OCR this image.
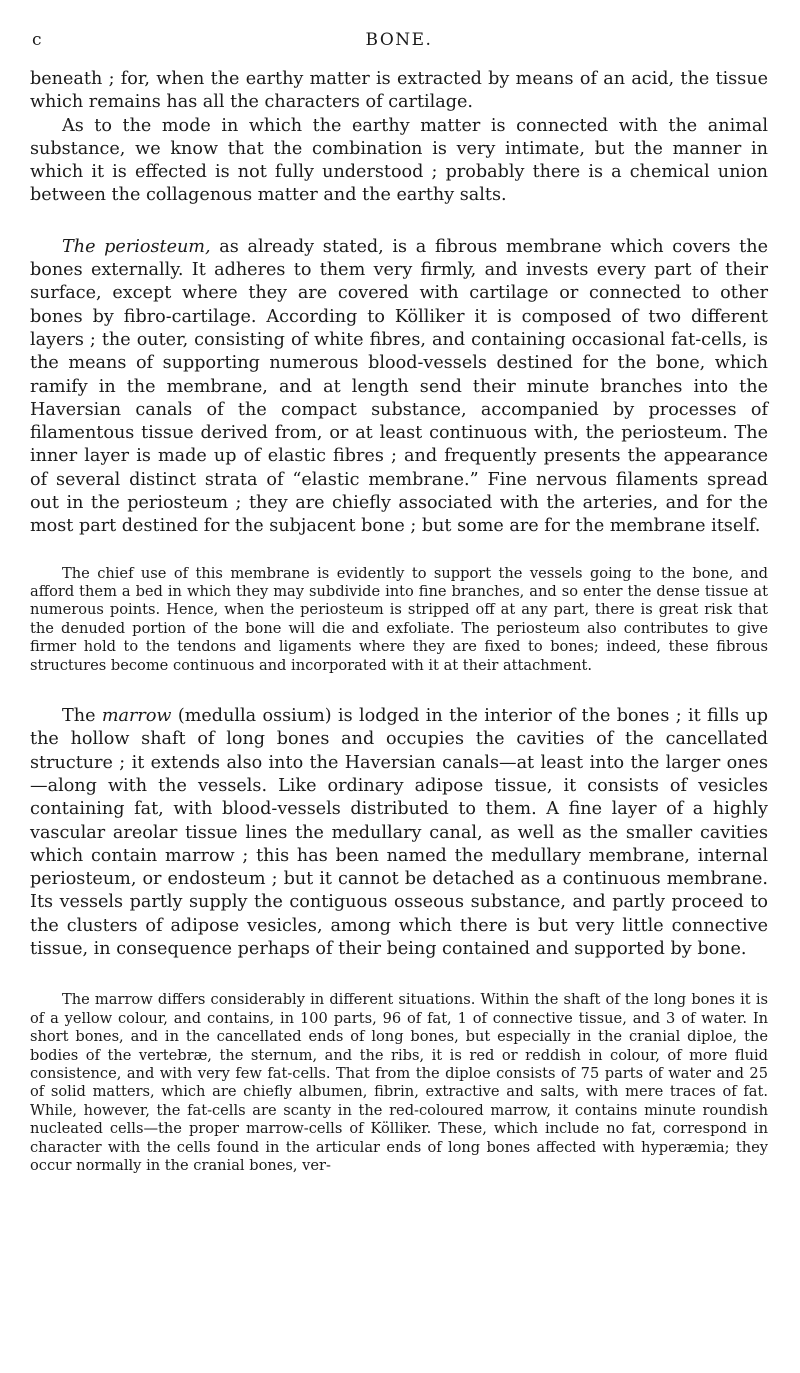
c	BONE.

beneath ; for, when the earthy matter is extracted by means of an acid, the tissue which remains has all the characters of cartilage.

As to the mode in which the earthy matter is connected with the animal substance, we know that the combination is very intimate, but the manner in which it is effected is not fully understood ; probably there is a chemical union between the collagenous matter and the earthy salts.

The periosteum, as already stated, is a fibrous membrane which covers the bones externally. It adheres to them very firmly, and invests every part of their surface, except where they are covered with cartilage or connected to other bones by fibro-cartilage. According to Kölliker it is composed of two different layers ; the outer, consisting of white fibres, and containing occasional fat-cells, is the means of supporting numerous blood-vessels destined for the bone, which ramify in the membrane, and at length send their minute branches into the Haversian canals of the compact substance, accompanied by processes of filamentous tissue derived from, or at least continuous with, the periosteum. The inner layer is made up of elastic fibres ; and frequently presents the appearance of several distinct strata of “elastic membrane.” Fine nervous filaments spread out in the periosteum ; they are chiefly associated with the arteries, and for the most part destined for the subjacent bone ; but some are for the membrane itself.

The chief use of this membrane is evidently to support the vessels going to the bone, and afford them a bed in which they may subdivide into fine branches, and so enter the dense tissue at numerous points. Hence, when the periosteum is stripped off at any part, there is great risk that the denuded portion of the bone will die and exfoliate. The periosteum also contributes to give firmer hold to the tendons and ligaments where they are fixed to bones; indeed, these fibrous structures become continuous and incorporated with it at their attachment.

The marrow (medulla ossium) is lodged in the interior of the bones ; it fills up the hollow shaft of long bones and occupies the cavities of the cancellated structure ; it extends also into the Haversian canals—at least into the larger ones—along with the vessels. Like ordinary adipose tissue, it consists of vesicles containing fat, with blood-vessels distributed to them. A fine layer of a highly vascular areolar tissue lines the medullary canal, as well as the smaller cavities which contain marrow ; this has been named the medullary membrane, internal periosteum, or endosteum ; but it cannot be detached as a continuous membrane. Its vessels partly supply the contiguous osseous substance, and partly proceed to the clusters of adipose vesicles, among which there is but very little connective tissue, in consequence perhaps of their being contained and supported by bone.

The marrow differs considerably in different situations. Within the shaft of the long bones it is of a yellow colour, and contains, in 100 parts, 96 of fat, 1 of connective tissue, and 3 of water. In short bones, and in the cancellated ends of long bones, but especially in the cranial diploe, the bodies of the vertebræ, the sternum, and the ribs, it is red or reddish in colour, of more fluid consistence, and with very few fat-cells. That from the diploe consists of 75 parts of water and 25 of solid matters, which are chiefly albumen, fibrin, extractive and salts, with mere traces of fat. While, however, the fat-cells are scanty in the red-coloured marrow, it contains minute roundish nucleated cells—the proper marrow-cells of Kölliker. These, which include no fat, correspond in character with the cells found in the articular ends of long bones affected with hyperæmia; they occur normally in the cranial bones, ver-
